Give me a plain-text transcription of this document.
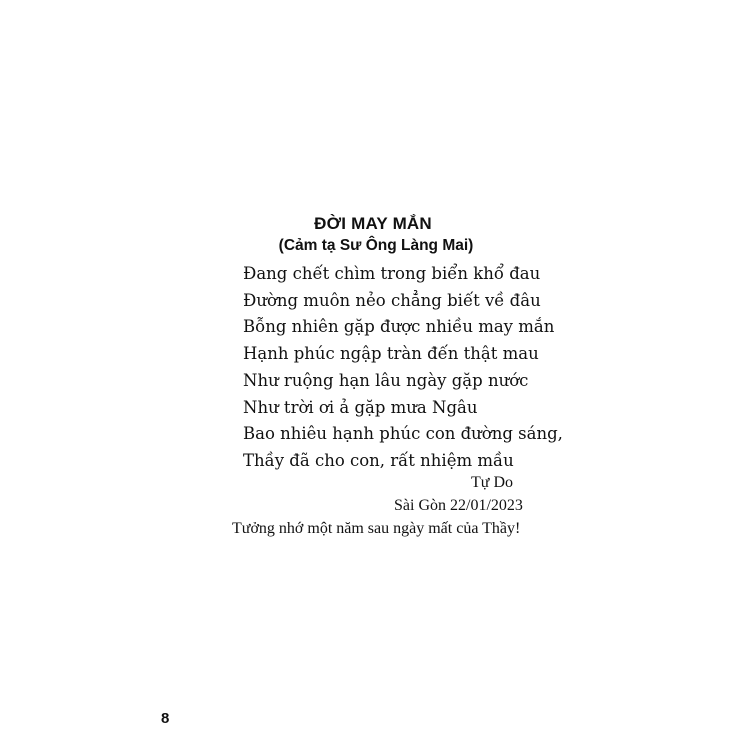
ĐỜI MAY MẮN
(Cảm tạ Sư Ông Làng Mai)
Đang chết chìm trong biển khổ đau
Đường muôn nẻo chẳng biết về đâu
Bỗng nhiên gặp được nhiều may mắn
Hạnh phúc ngập tràn đến thật mau
Như ruộng hạn lâu ngày gặp nước
Như trời ơi ả gặp mưa Ngâu
Bao nhiêu hạnh phúc con đường sáng,
Thầy đã cho con, rất nhiệm mầu
Tự Do
Sài Gòn 22/01/2023
Tưởng nhớ một năm sau ngày mất của Thầy!
8
